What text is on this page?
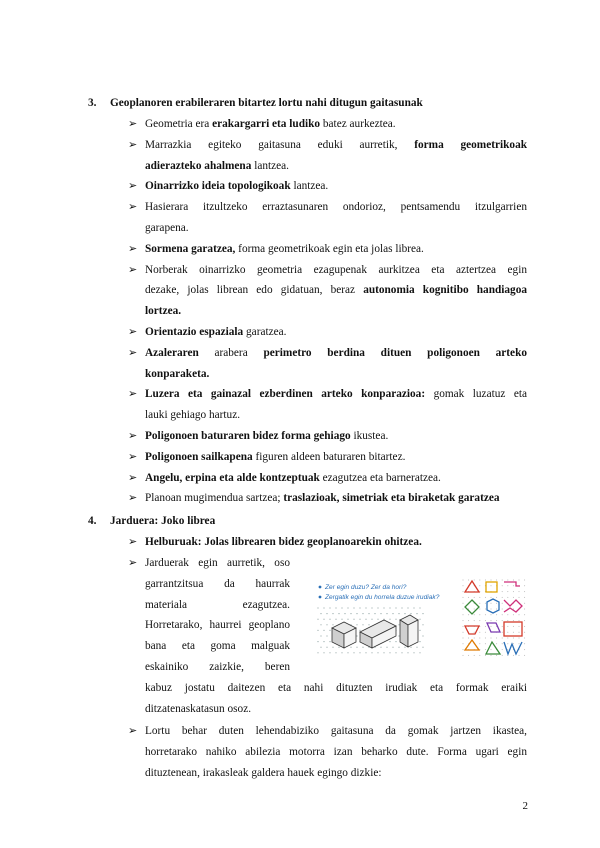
3. Geoplanoren erabileraren bitartez lortu nahi ditugun gaitasunak
➢ Geometria era erakargarri eta ludiko batez aurkeztea.
➢ Marrazkia egiteko gaitasuna eduki aurretik, forma geometrikoak
adierazteko ahalmena lantzea.
➢ Oinarrizko ideia topologikoak lantzea.
➢ Hasierara itzultzeko erraztasunaren ondorioz, pentsamendu itzulgarrien
garapena.
➢ Sormena garatzea, forma geometrikoak egin eta jolas librea.
➢ Norberak oinarrizko geometria ezagupenak aurkitzea eta aztertzea egin
dezake, jolas librean edo gidatuan, beraz autonomia kognitibo handiagoa
lortzea.
➢ Orientazio espaziala garatzea.
➢ Azaleraren arabera perimetro berdina dituen poligonoen arteko
konparaketa.
➢ Luzera eta gainazal ezberdinen arteko konparazioa: gomak luzatuz eta
lauki gehiago hartuz.
➢ Poligonoen baturaren bidez forma gehiago ikustea.
➢ Poligonoen sailkapena figuren aldeen baturaren bitartez.
➢ Angelu, erpina eta alde kontzeptuak ezagutzea eta barneratzea.
➢ Planoan mugimendua sartzea; traslazioak, simetriak eta biraketak garatzea
4. Jarduera: Joko librea
➢ Helburuak: Jolas librearen bidez geoplanoarekin ohitzea.
➢ Jarduerak egin aurretik, oso
garrantzitsua da haurrak
materiala ezagutzea.
Horretarako, haurrei geoplano
bana eta goma malguak
eskainiko zaizkie, beren
kabuz jostatu daitezen eta nahi dituzten irudiak eta formak eraiki
ditzatenaskatasun osoz.
➢ Lortu behar duten lehendabiziko gaitasuna da gomak jartzen ikastea,
horretarako nahiko abilezia motorra izan beharko dute. Forma ugari egin
dituztenean, irakasleak galdera hauek egingo dizkie:
Zer egin duzu? Zer da hori?
Zergatik egin du horrela duzue irudiak?
2
